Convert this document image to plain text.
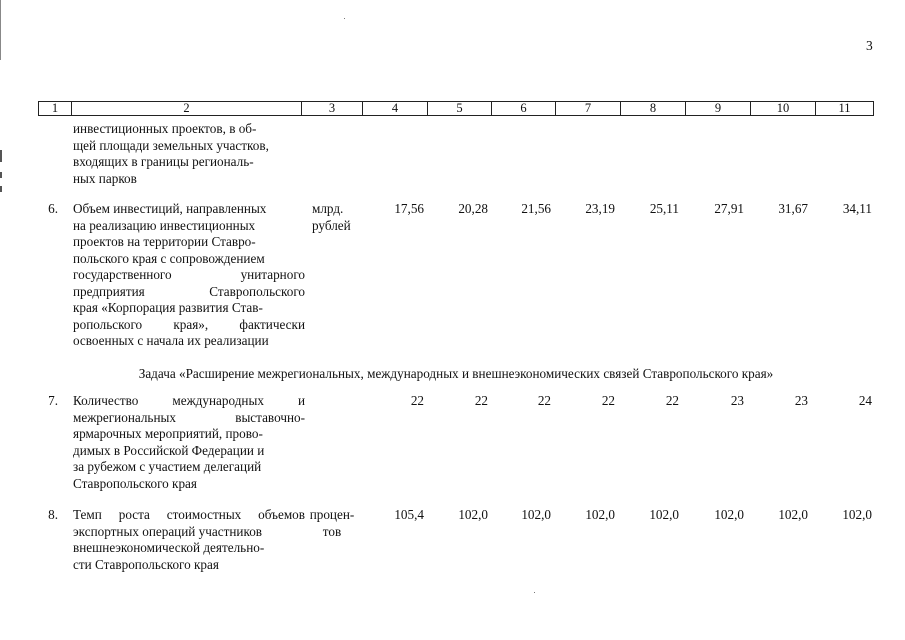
3
1	2	3	4	5	6	7	8	9	10	11
инвестиционных проектов, в об-
щей площади земельных участков,
входящих в границы региональ-
ных парков
6. Объем инвестиций, направленных
на реализацию инвестиционных
проектов на территории Ставро-
польского края с сопровождением
государственного унитарного
предприятия Ставропольского
края «Корпорация развития Став-
ропольского края», фактически
освоенных с начала их реализации
млрд.
рублей
17,56	20,28	21,56	23,19	25,11	27,91	31,67	34,11
Задача «Расширение межрегиональных, международных и внешнеэкономических связей Ставропольского края»
7. Количество международных и
межрегиональных выставочно-
ярмарочных мероприятий, прово-
димых в Российской Федерации и
за рубежом с участием делегаций
Ставропольского края
22	22	22	22	22	23	23	24
8. Темп роста стоимостных объемов
экспортных операций участников
внешнеэкономической деятельно-
сти Ставропольского края
процен-
тов
105,4	102,0	102,0	102,0	102,0	102,0	102,0	102,0
